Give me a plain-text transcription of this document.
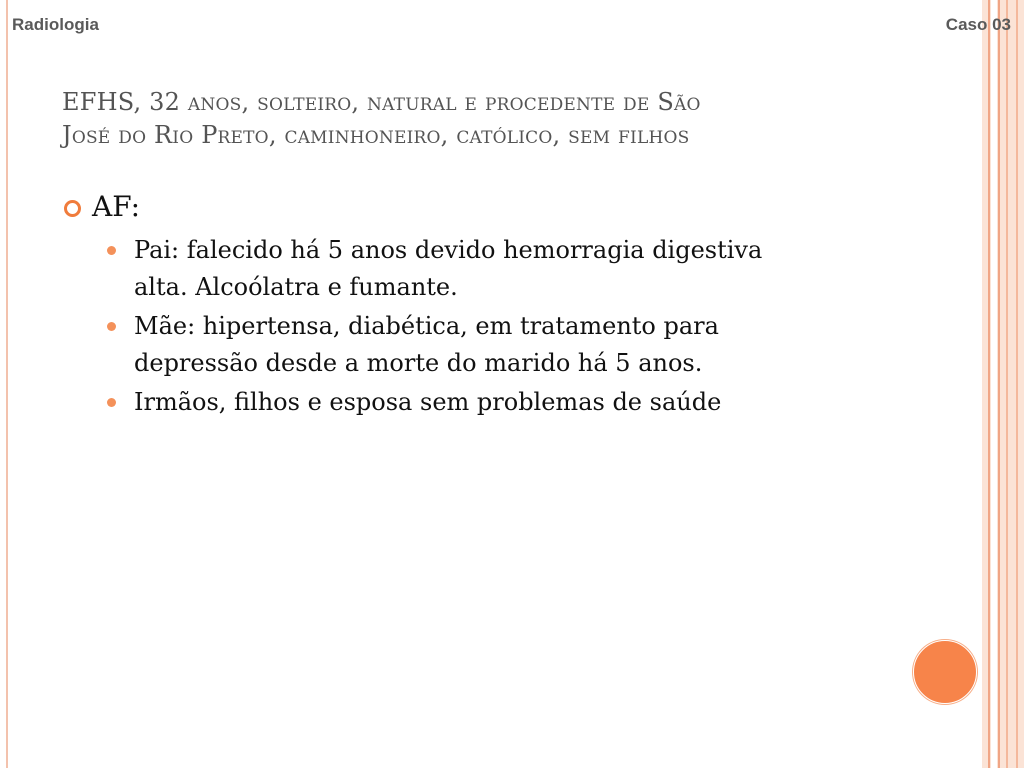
Radiologia	Caso 03
EFHS, 32 anos, solteiro, natural e procedente de São
José do Rio Preto, caminhoneiro, católico, sem filhos
AF:
Pai: falecido há 5 anos devido hemorragia digestiva
alta. Alcoólatra e fumante.
Mãe: hipertensa, diabética, em tratamento para
depressão desde a morte do marido há 5 anos.
Irmãos, filhos e esposa sem problemas de saúde
